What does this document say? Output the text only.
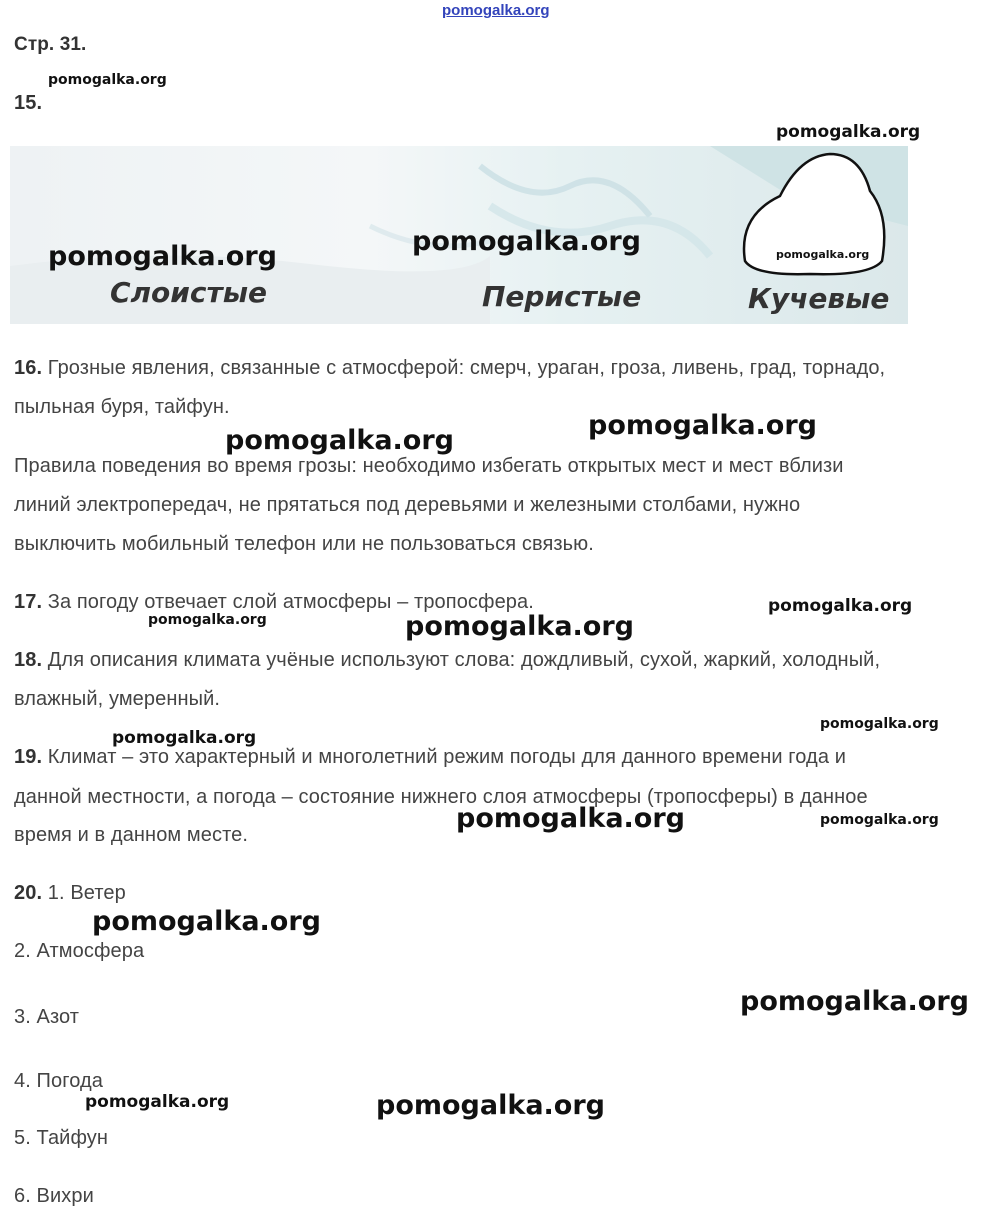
pomogalka.org
Стр. 31.
15.
Слоистые	Перистые	Кучевые
16. Грозные явления, связанные с атмосферой: смерч, ураган, гроза, ливень, град, торнадо,
пыльная буря, тайфун.
Правила поведения во время грозы: необходимо избегать открытых мест и мест вблизи
линий электропередач, не прятаться под деревьями и железными столбами, нужно
выключить мобильный телефон или не пользоваться связью.
17. За погоду отвечает слой атмосферы – тропосфера.
18. Для описания климата учёные используют слова: дождливый, сухой, жаркий, холодный,
влажный, умеренный.
19. Климат – это характерный и многолетний режим погоды для данного времени года и
данной местности, а погода – состояние нижнего слоя атмосферы (тропосферы) в данное
время и в данном месте.
20. 1. Ветер
2. Атмосфера
3. Азот
4. Погода
5. Тайфун
6. Вихри
pomogalka.org
pomogalka.org
pomogalka.org	pomogalka.org	pomogalka.org
pomogalka.org	pomogalka.org
pomogalka.org
pomogalka.org	pomogalka.org
pomogalka.org
pomogalka.org
pomogalka.org	pomogalka.org
pomogalka.org
pomogalka.org
pomogalka.org	pomogalka.org
